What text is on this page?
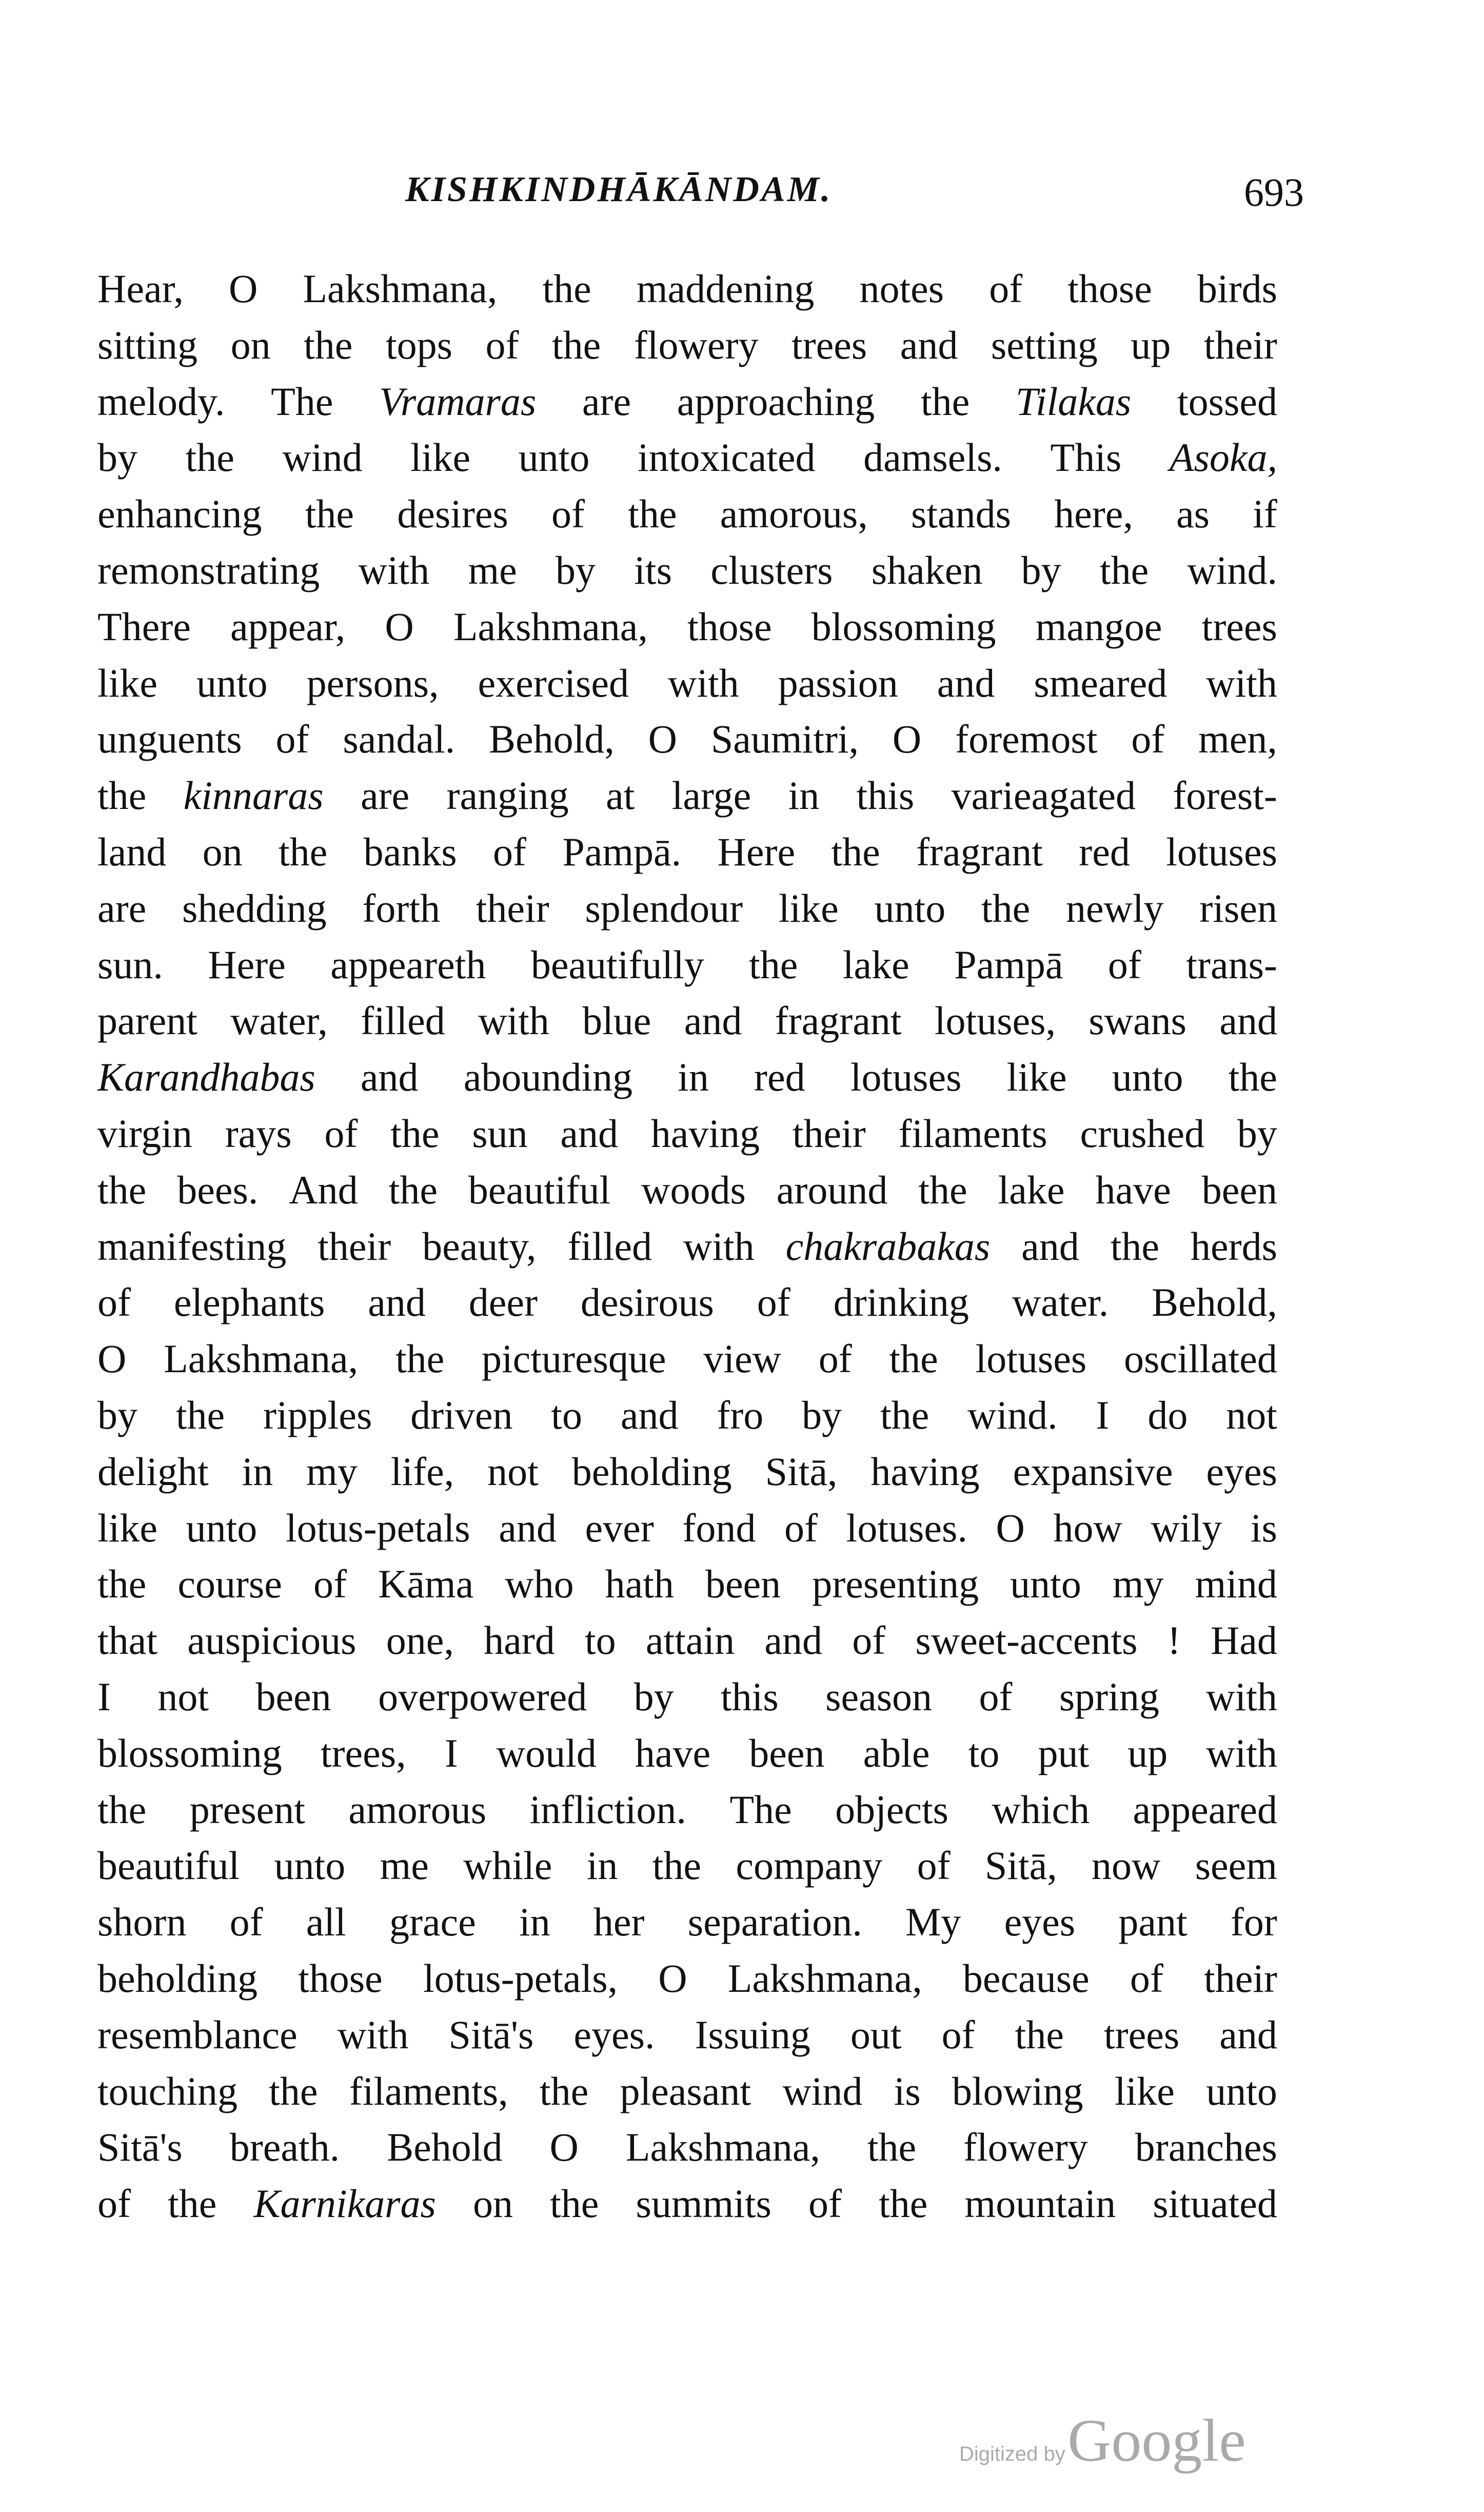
KISHKINDHĀKĀNDAM.	693
Hear, O Lakshmana, the maddening notes of those birds
sitting on the tops of the flowery trees and setting up their
melody. The Vramaras are approaching the Tilakas tossed
by the wind like unto intoxicated damsels. This Asoka,
enhancing the desires of the amorous, stands here, as if
remonstrating with me by its clusters shaken by the wind.
There appear, O Lakshmana, those blossoming mangoe trees
like unto persons, exercised with passion and smeared with
unguents of sandal. Behold, O Saumitri, O foremost of men,
the kinnaras are ranging at large in this varieagated forest-
land on the banks of Pampā. Here the fragrant red lotuses
are shedding forth their splendour like unto the newly risen
sun. Here appeareth beautifully the lake Pampā of trans-
parent water, filled with blue and fragrant lotuses, swans and
Karandhabas and abounding in red lotuses like unto the
virgin rays of the sun and having their filaments crushed by
the bees. And the beautiful woods around the lake have been
manifesting their beauty, filled with chakrabakas and the herds
of elephants and deer desirous of drinking water. Behold,
O Lakshmana, the picturesque view of the lotuses oscillated
by the ripples driven to and fro by the wind. I do not
delight in my life, not beholding Sitā, having expansive eyes
like unto lotus-petals and ever fond of lotuses. O how wily is
the course of Kāma who hath been presenting unto my mind
that auspicious one, hard to attain and of sweet-accents ! Had
I not been overpowered by this season of spring with
blossoming trees, I would have been able to put up with
the present amorous infliction. The objects which appeared
beautiful unto me while in the company of Sitā, now seem
shorn of all grace in her separation. My eyes pant for
beholding those lotus-petals, O Lakshmana, because of their
resemblance with Sitā's eyes. Issuing out of the trees and
touching the filaments, the pleasant wind is blowing like unto
Sitā's breath. Behold O Lakshmana, the flowery branches
of the Karnikaras on the summits of the mountain situated
Digitized by Google
